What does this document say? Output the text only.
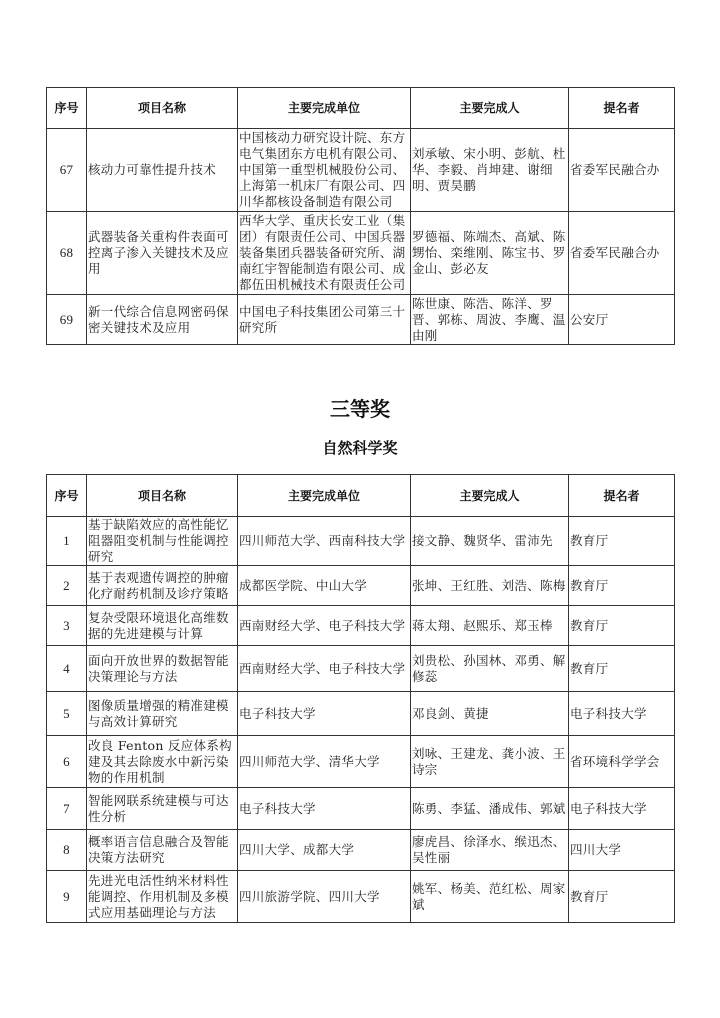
序号	项目名称	主要完成单位	主要完成人	提名者
67	核动力可靠性提升技术	中国核动力研究设计院、东方电气集团东方电机有限公司、中国第一重型机械股份公司、上海第一机床厂有限公司、四川华都核设备制造有限公司	刘承敏、宋小明、彭航、杜华、李毅、肖坤建、谢细明、贾昊鹏	省委军民融合办
68	武器装备关重构件表面可控离子渗入关键技术及应用	西华大学、重庆长安工业（集团）有限责任公司、中国兵器装备集团兵器装备研究所、湖南红宇智能制造有限公司、成都伍田机械技术有限责任公司	罗德福、陈端杰、高斌、陈甥怡、栾维刚、陈宝书、罗金山、彭必友	省委军民融合办
69	新一代综合信息网密码保密关键技术及应用	中国电子科技集团公司第三十研究所	陈世康、陈浩、陈洋、罗晋、郭栋、周波、李鹰、温由刚	公安厅
三等奖
自然科学奖
序号	项目名称	主要完成单位	主要完成人	提名者
1	基于缺陷效应的高性能忆阻器阻变机制与性能调控研究	四川师范大学、西南科技大学	接文静、魏贤华、雷沛先	教育厅
2	基于表观遗传调控的肿瘤化疗耐药机制及诊疗策略	成都医学院、中山大学	张坤、王红胜、刘浩、陈梅	教育厅
3	复杂受限环境退化高维数据的先进建模与计算	西南财经大学、电子科技大学	蒋太翔、赵熙乐、郑玉棒	教育厅
4	面向开放世界的数据智能决策理论与方法	西南财经大学、电子科技大学	刘贵松、孙国林、邓勇、解修蕊	教育厅
5	图像质量增强的精准建模与高效计算研究	电子科技大学	邓良剑、黄捷	电子科技大学
6	改良 Fenton 反应体系构建及其去除废水中新污染物的作用机制	四川师范大学、清华大学	刘咏、王建龙、龚小波、王诗宗	省环境科学学会
7	智能网联系统建模与可达性分析	电子科技大学	陈勇、李猛、潘成伟、郭斌	电子科技大学
8	概率语言信息融合及智能决策方法研究	四川大学、成都大学	廖虎昌、徐泽水、缑迅杰、吴性丽	四川大学
9	先进光电活性纳米材料性能调控、作用机制及多模式应用基础理论与方法	四川旅游学院、四川大学	姚军、杨美、范红松、周家斌	教育厅
